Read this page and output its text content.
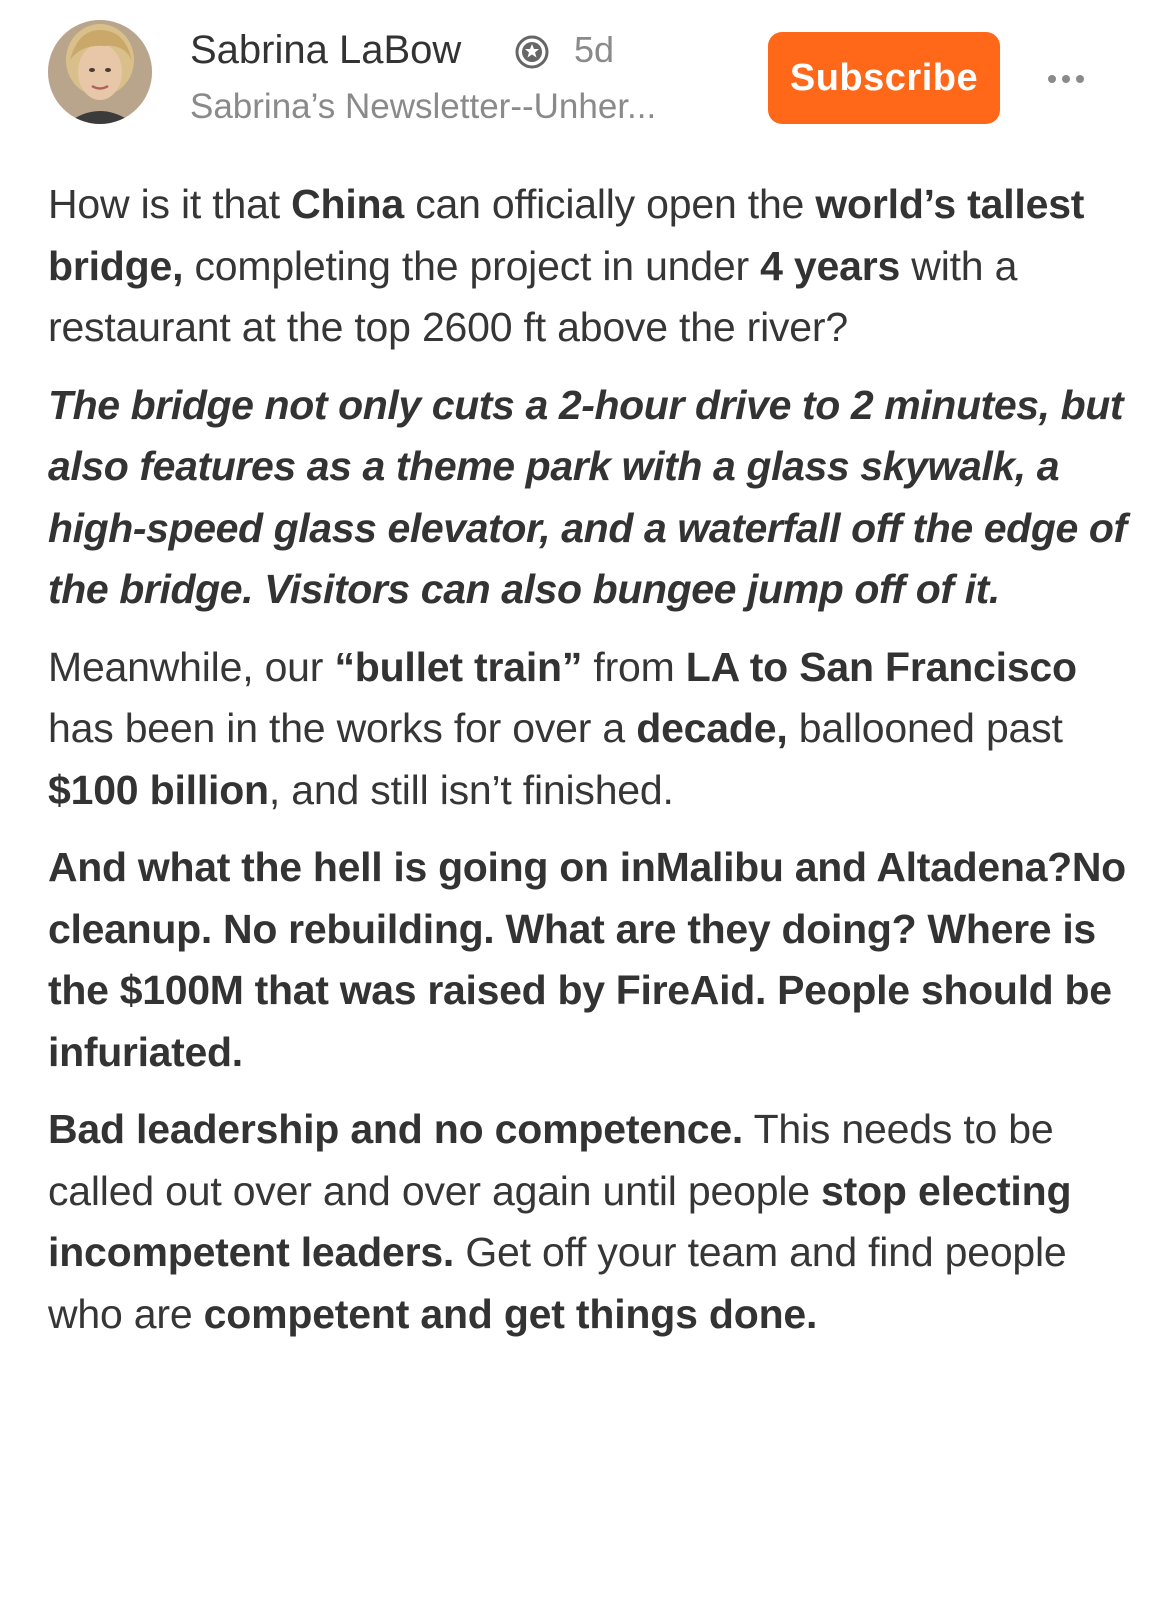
Sabrina LaBow	5d
Sabrina’s Newsletter--Unher...
Subscribe

How is it that China can officially open the world’s tallest bridge, completing the project in under 4 years with a restaurant at the top 2600 ft above the river?

The bridge not only cuts a 2-hour drive to 2 minutes, but also features as a theme park with a glass skywalk, a high-speed glass elevator, and a waterfall off the edge of the bridge. Visitors can also bungee jump off of it.

Meanwhile, our “bullet train” from LA to San Francisco has been in the works for over a decade, ballooned past $100 billion, and still isn’t finished.

And what the hell is going on inMalibu and Altadena?No cleanup. No rebuilding. What are they doing? Where is the $100M that was raised by FireAid. People should be infuriated.

Bad leadership and no competence. This needs to be called out over and over again until people stop electing incompetent leaders. Get off your team and find people who are competent and get things done.
